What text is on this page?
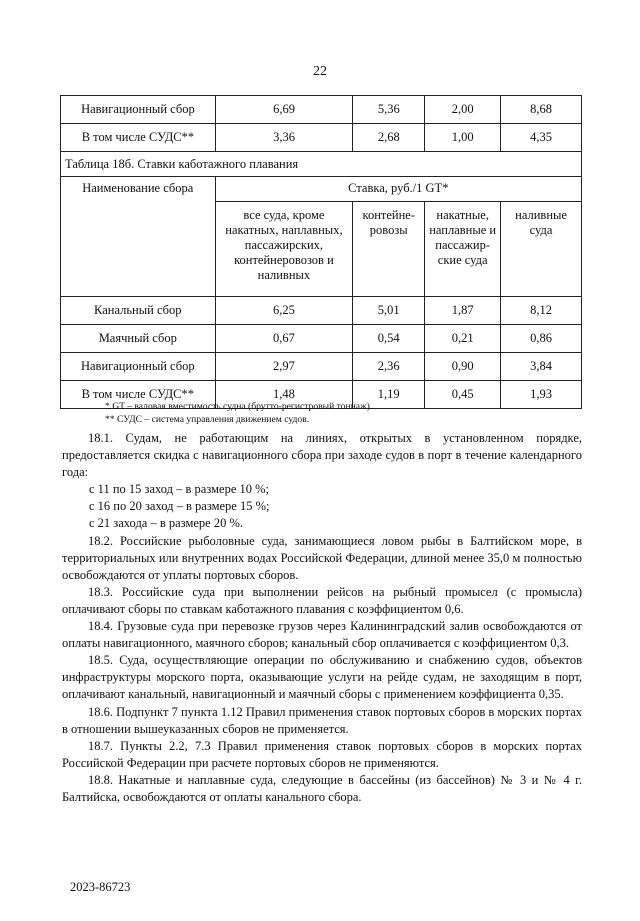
22
Навигационный сбор	6,69	5,36	2,00	8,68
В том числе СУДС**	3,36	2,68	1,00	4,35
Таблица 18б. Ставки каботажного плавания				
Наименование сбора	Ставка, руб./1 GT*			
	все суда, кроме накатных, наплавных, пассажирских, контейнеровозов и наливных	контейне-ровозы	накатные, наплавные и пассажир-ские суда	наливные суда
Канальный сбор	6,25	5,01	1,87	8,12
Маячный сбор	0,67	0,54	0,21	0,86
Навигационный сбор	2,97	2,36	0,90	3,84
В том числе СУДС**	1,48	1,19	0,45	1,93
* GT – валовая вместимость судна (брутто-регистровый тоннаж).
** СУДС – система управления движением судов.

18.1. Судам, не работающим на линиях, открытых в установленном порядке, предоставляется скидка с навигационного сбора при заходе судов в порт в течение календарного года:

с 11 по 15 заход – в размере 10 %;

с 16 по 20 заход – в размере 15 %;

с 21 захода – в размере 20 %.

18.2. Российские рыболовные суда, занимающиеся ловом рыбы в Балтийском море, в территориальных или внутренних водах Российской Федерации, длиной менее 35,0 м полностью освобождаются от уплаты портовых сборов.

18.3. Российские суда при выполнении рейсов на рыбный промысел (с промысла) оплачивают сборы по ставкам каботажного плавания с коэффициентом 0,6.

18.4. Грузовые суда при перевозке грузов через Калининградский залив освобождаются от оплаты навигационного, маячного сборов; канальный сбор оплачивается с коэффициентом 0,3.

18.5. Суда, осуществляющие операции по обслуживанию и снабжению судов, объектов инфраструктуры морского порта, оказывающие услуги на рейде судам, не заходящим в порт, оплачивают канальный, навигационный и маячный сборы с применением коэффициента 0,35.

18.6. Подпункт 7 пункта 1.12 Правил применения ставок портовых сборов в морских портах в отношении вышеуказанных сборов не применяется.

18.7. Пункты 2.2, 7.3 Правил применения ставок портовых сборов в морских портах Российской Федерации при расчете портовых сборов не применяются.

18.8. Накатные и наплавные суда, следующие в бассейны (из бассейнов) № 3 и № 4 г. Балтийска, освобождаются от оплаты канального сбора.

2023-86723
